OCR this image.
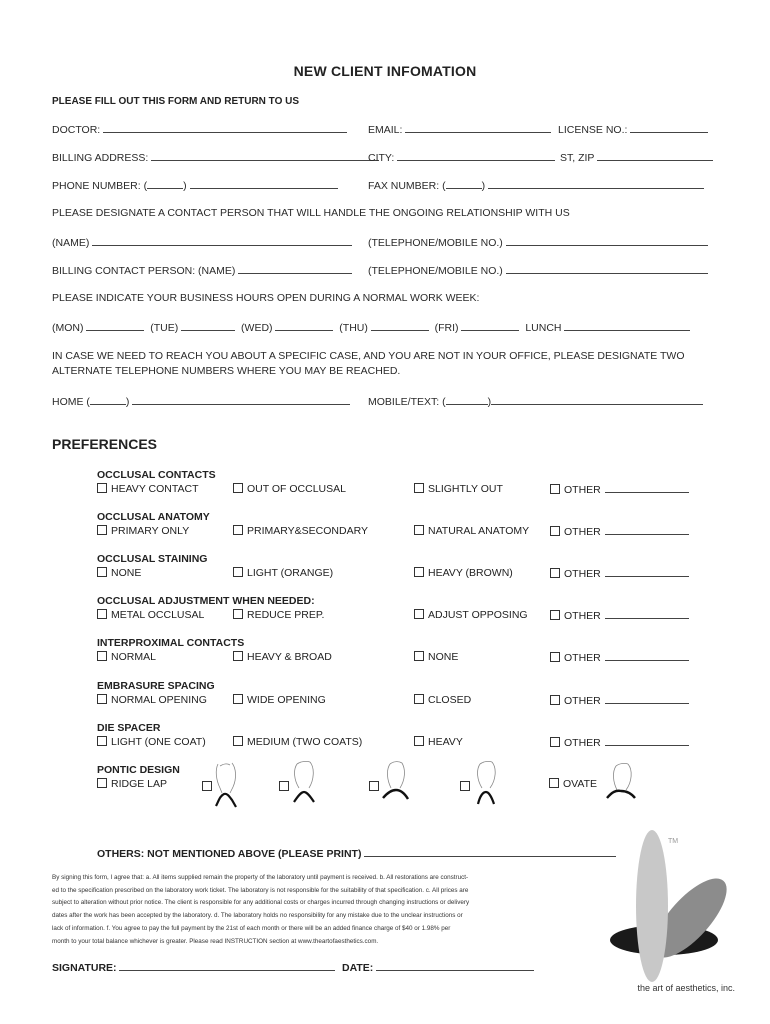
NEW CLIENT INFOMATION
PLEASE FILL OUT THIS FORM AND RETURN TO US
DOCTOR:	EMAIL:	LICENSE NO.:
BILLING ADDRESS:	CITY:	ST, ZIP
PHONE NUMBER: (	)	FAX NUMBER: (	)
PLEASE DESIGNATE A CONTACT PERSON THAT WILL HANDLE THE ONGOING RELATIONSHIP WITH US
(NAME)	(TELEPHONE/MOBILE NO.)
BILLING CONTACT PERSON: (NAME)	(TELEPHONE/MOBILE NO.)
PLEASE INDICATE YOUR BUSINESS HOURS OPEN DURING A NORMAL WORK WEEK:
(MON)	(TUE)	(WED)	(THU)	(FRI)	LUNCH
IN CASE WE NEED TO REACH YOU ABOUT A SPECIFIC CASE, AND YOU ARE NOT IN YOUR OFFICE, PLEASE DESIGNATE TWO
ALTERNATE TELEPHONE NUMBERS WHERE YOU MAY BE REACHED.
HOME (	)	MOBILE/TEXT: (	)
PREFERENCES
OCCLUSAL CONTACTS
HEAVY CONTACT	OUT OF OCCLUSAL	SLIGHTLY OUT	OTHER
OCCLUSAL ANATOMY
PRIMARY ONLY	PRIMARY&SECONDARY	NATURAL ANATOMY	OTHER
OCCLUSAL STAINING
NONE	LIGHT (ORANGE)	HEAVY (BROWN)	OTHER
OCCLUSAL ADJUSTMENT WHEN NEEDED:
METAL OCCLUSAL	REDUCE PREP.	ADJUST OPPOSING	OTHER
INTERPROXIMAL CONTACTS
NORMAL	HEAVY & BROAD	NONE	OTHER
EMBRASURE SPACING
NORMAL OPENING	WIDE OPENING	CLOSED	OTHER
DIE SPACER
LIGHT (ONE COAT)	MEDIUM (TWO COATS)	HEAVY	OTHER
PONTIC DESIGN
RIDGE LAP	OVATE
OTHERS: NOT MENTIONED ABOVE (PLEASE PRINT)
By signing this form, I agree that: a. All items supplied remain the property of the laboratory until payment is received. b. All restorations are construct-
ed to the specification prescribed on the laboratory work ticket. The laboratory is not responsible for the suitability of that specification. c. All prices are
subject to alteration without prior notice. The client is responsible for any additional costs or charges incurred through changing instructions or delivery
dates after the work has been accepted by the laboratory. d. The laboratory holds no responsibility for any mistake due to the unclear instructions or
lack of information. f. You agree to pay the full payment by the 21st of each month or there will be an added finance charge of $40 or 1.98% per
month to your total balance whichever is greater. Please read INSTRUCTION section at www.theartofaesthetics.com.
SIGNATURE:	DATE:
TM
the art of aesthetics, inc.
